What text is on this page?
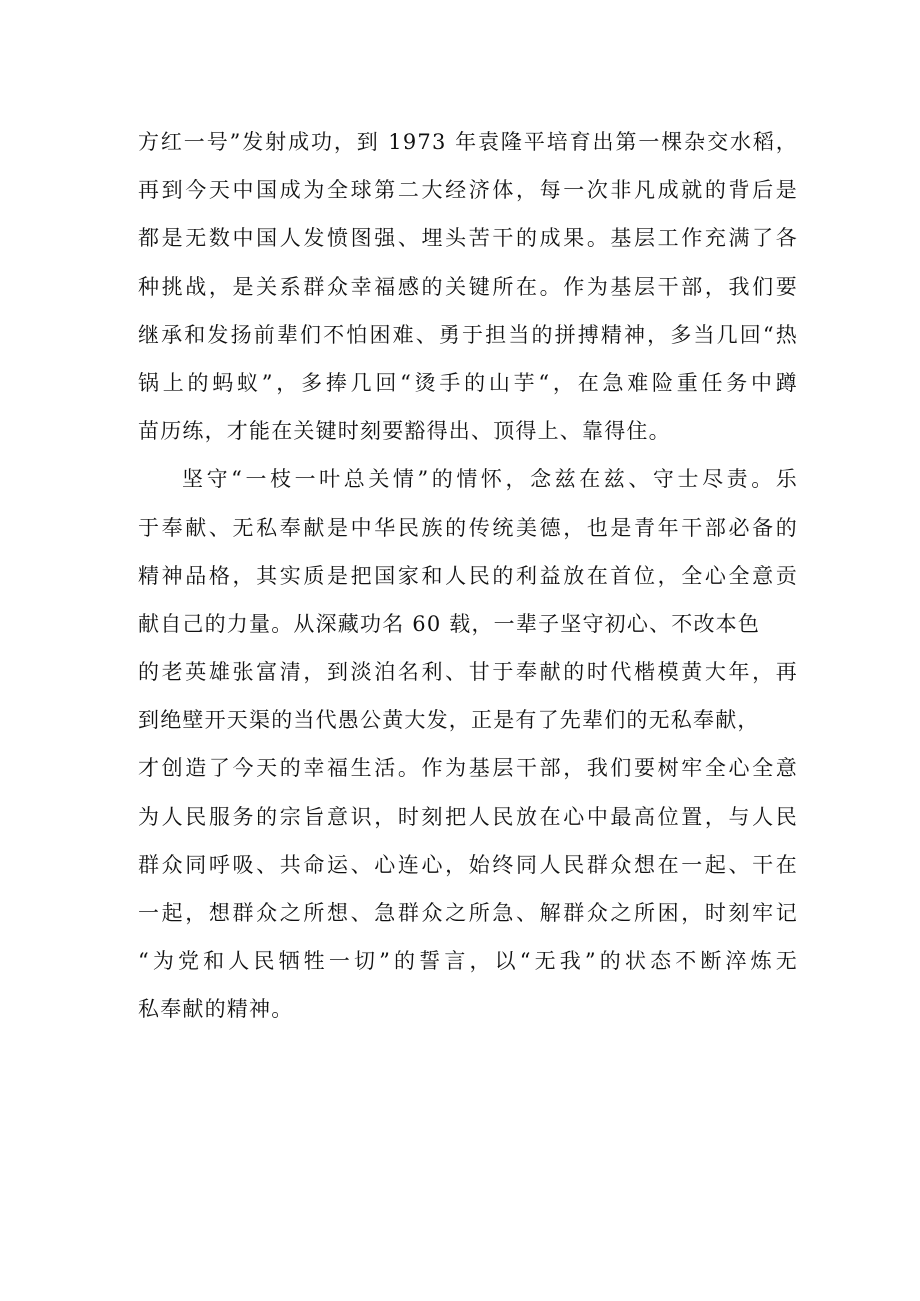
方红一号”发射成功，到 1973 年袁隆平培育出第一棵杂交水稻，
再到今天中国成为全球第二大经济体，每一次非凡成就的背后是
都是无数中国人发愤图强、埋头苦干的成果。基层工作充满了各
种挑战，是关系群众幸福感的关键所在。作为基层干部，我们要
继承和发扬前辈们不怕困难、勇于担当的拼搏精神，多当几回“热
锅上的蚂蚁”，多捧几回“烫手的山芋“，在急难险重任务中蹲
苗历练，才能在关键时刻要豁得出、顶得上、靠得住。
坚守“一枝一叶总关情”的情怀，念兹在兹、守士尽责。乐
于奉献、无私奉献是中华民族的传统美德，也是青年干部必备的
精神品格，其实质是把国家和人民的利益放在首位，全心全意贡
献自己的力量。从深藏功名 60 载，一辈子坚守初心、不改本色
的老英雄张富清，到淡泊名利、甘于奉献的时代楷模黄大年，再
到绝壁开天渠的当代愚公黄大发，正是有了先辈们的无私奉献，
才创造了今天的幸福生活。作为基层干部，我们要树牢全心全意
为人民服务的宗旨意识，时刻把人民放在心中最高位置，与人民
群众同呼吸、共命运、心连心，始终同人民群众想在一起、干在
一起，想群众之所想、急群众之所急、解群众之所困，时刻牢记
“为党和人民牺牲一切”的誓言，以“无我”的状态不断淬炼无
私奉献的精神。
